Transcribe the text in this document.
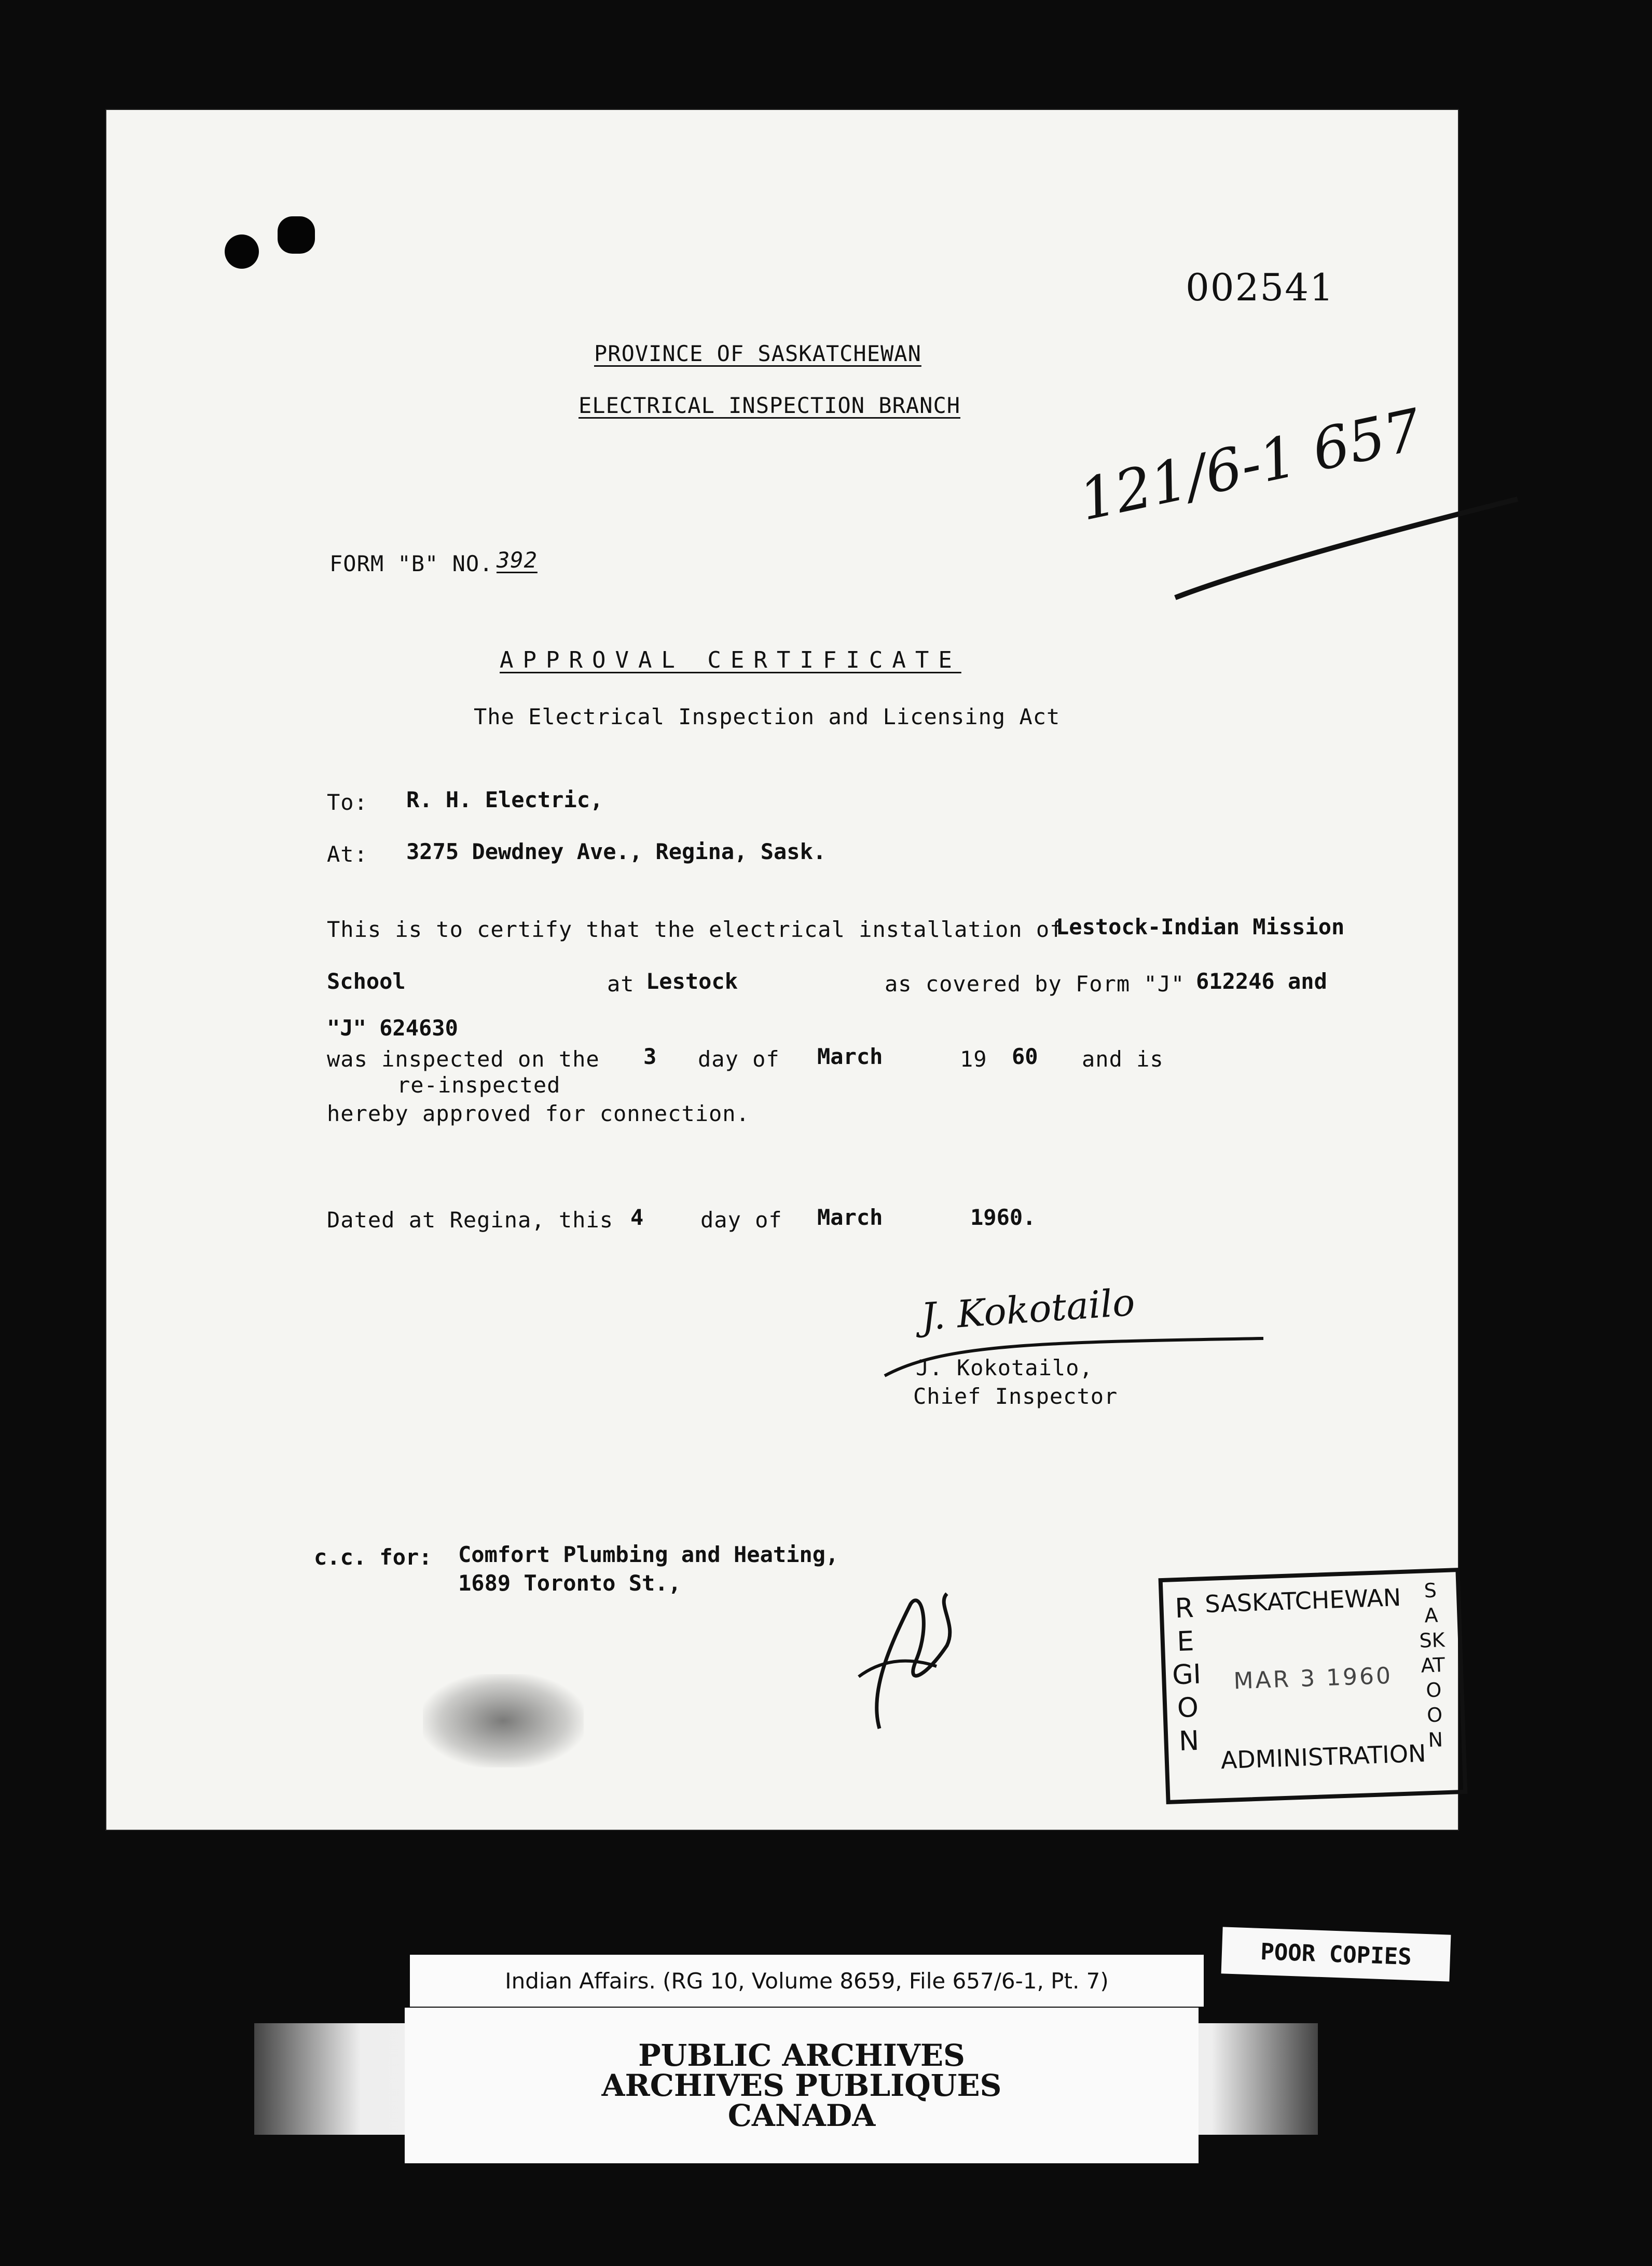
002541
121/6-1 657
PROVINCE OF SASKATCHEWAN
ELECTRICAL INSPECTION BRANCH
FORM "B" NO. 392
APPROVAL CERTIFICATE
The Electrical Inspection and Licensing Act
To: R. H. Electric,
At: 3275 Dewdney Ave., Regina, Sask.
This is to certify that the electrical installation of
Lestock-Indian Mission
School	at Lestock	as covered by Form "J" 612246 and
"J" 624630
was inspected on the 3 day of March	19 60 and is
re-inspected
hereby approved for connection.
Dated at Regina, this 4	day of March	1960.
J. Kokotailo
J. Kokotailo,
Chief Inspector
c.c. for: Comfort Plumbing and Heating,
1689 Toronto St.,
REGION
SASKATCHEWAN	SASKATOON
MAR 3 1960
ADMINISTRATION
POOR COPIES
Indian Affairs. (RG 10, Volume 8659, File 657/6-1, Pt. 7)
PUBLIC ARCHIVES
ARCHIVES PUBLIQUES
CANADA
